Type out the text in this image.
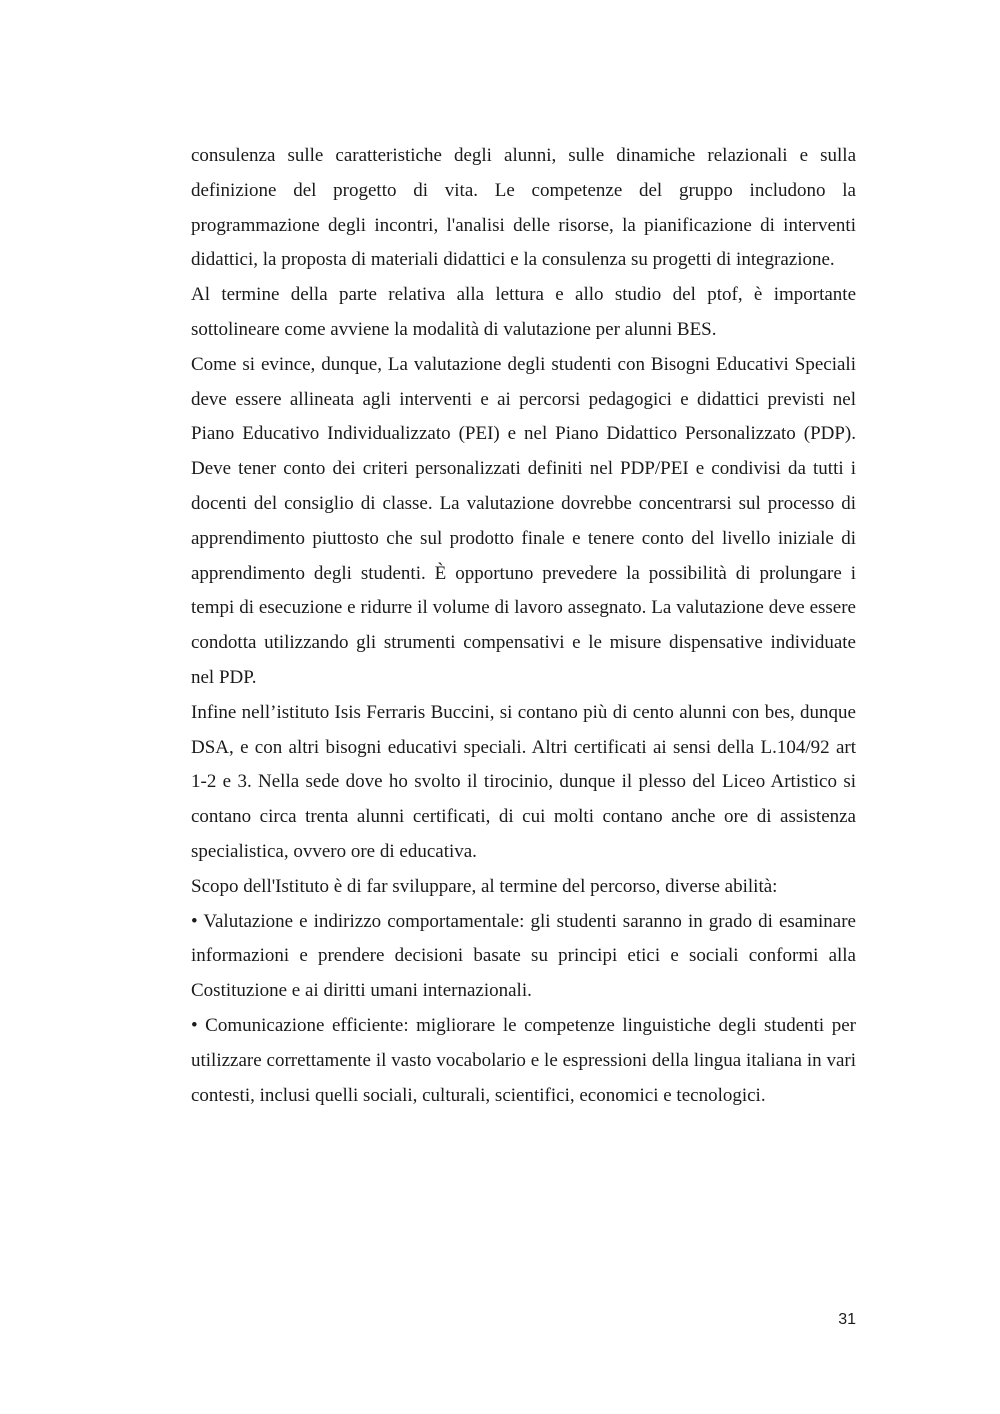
consulenza sulle caratteristiche degli alunni, sulle dinamiche relazionali e sulla definizione del progetto di vita. Le competenze del gruppo includono la programmazione degli incontri, l'analisi delle risorse, la pianificazione di interventi didattici, la proposta di materiali didattici e la consulenza su progetti di integrazione.

Al termine della parte relativa alla lettura e allo studio del ptof, è importante sottolineare come avviene la modalità di valutazione per alunni BES.

Come si evince, dunque, La valutazione degli studenti con Bisogni Educativi Speciali deve essere allineata agli interventi e ai percorsi pedagogici e didattici previsti nel Piano Educativo Individualizzato (PEI) e nel Piano Didattico Personalizzato (PDP). Deve tener conto dei criteri personalizzati definiti nel PDP/PEI e condivisi da tutti i docenti del consiglio di classe. La valutazione dovrebbe concentrarsi sul processo di apprendimento piuttosto che sul prodotto finale e tenere conto del livello iniziale di apprendimento degli studenti. È opportuno prevedere la possibilità di prolungare i tempi di esecuzione e ridurre il volume di lavoro assegnato. La valutazione deve essere condotta utilizzando gli strumenti compensativi e le misure dispensative individuate nel PDP.

Infine nell’istituto Isis Ferraris Buccini, si contano più di cento alunni con bes, dunque DSA, e con altri bisogni educativi speciali. Altri certificati ai sensi della L.104/92 art 1-2 e 3. Nella sede dove ho svolto il tirocinio, dunque il plesso del Liceo Artistico si contano circa trenta alunni certificati, di cui molti contano anche ore di assistenza specialistica, ovvero ore di educativa.

Scopo dell'Istituto è di far sviluppare, al termine del percorso, diverse abilità:

• Valutazione e indirizzo comportamentale: gli studenti saranno in grado di esaminare informazioni e prendere decisioni basate su principi etici e sociali conformi alla Costituzione e ai diritti umani internazionali.

• Comunicazione efficiente: migliorare le competenze linguistiche degli studenti per utilizzare correttamente il vasto vocabolario e le espressioni della lingua italiana in vari contesti, inclusi quelli sociali, culturali, scientifici, economici e tecnologici.

31
